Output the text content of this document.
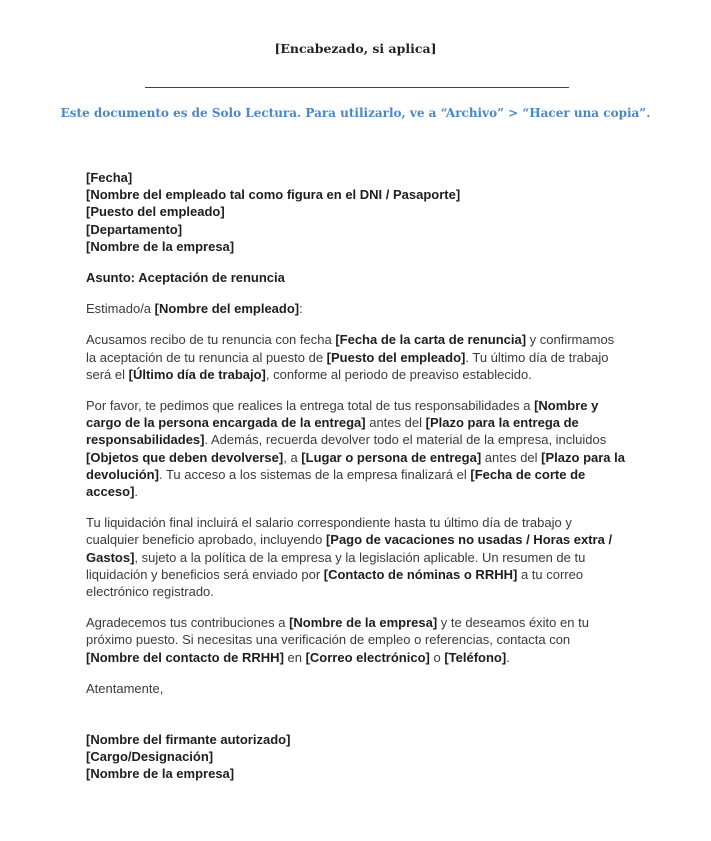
[Encabezado, si aplica]
Este documento es de Solo Lectura. Para utilizarlo, ve a “Archivo” > “Hacer una copia”.
[Fecha]
[Nombre del empleado tal como figura en el DNI / Pasaporte]
[Puesto del empleado]
[Departamento]
[Nombre de la empresa]
Asunto: Aceptación de renuncia
Estimado/a [Nombre del empleado]:
Acusamos recibo de tu renuncia con fecha [Fecha de la carta de renuncia] y confirmamos la aceptación de tu renuncia al puesto de [Puesto del empleado]. Tu último día de trabajo será el [Último día de trabajo], conforme al periodo de preaviso establecido.
Por favor, te pedimos que realices la entrega total de tus responsabilidades a [Nombre y cargo de la persona encargada de la entrega] antes del [Plazo para la entrega de responsabilidades]. Además, recuerda devolver todo el material de la empresa, incluidos [Objetos que deben devolverse], a [Lugar o persona de entrega] antes del [Plazo para la devolución]. Tu acceso a los sistemas de la empresa finalizará el [Fecha de corte de acceso].
Tu liquidación final incluirá el salario correspondiente hasta tu último día de trabajo y cualquier beneficio aprobado, incluyendo [Pago de vacaciones no usadas / Horas extra / Gastos], sujeto a la política de la empresa y la legislación aplicable. Un resumen de tu liquidación y beneficios será enviado por [Contacto de nóminas o RRHH] a tu correo electrónico registrado.
Agradecemos tus contribuciones a [Nombre de la empresa] y te deseamos éxito en tu próximo puesto. Si necesitas una verificación de empleo o referencias, contacta con [Nombre del contacto de RRHH] en [Correo electrónico] o [Teléfono].
Atentamente,
[Nombre del firmante autorizado]
[Cargo/Designación]
[Nombre de la empresa]
